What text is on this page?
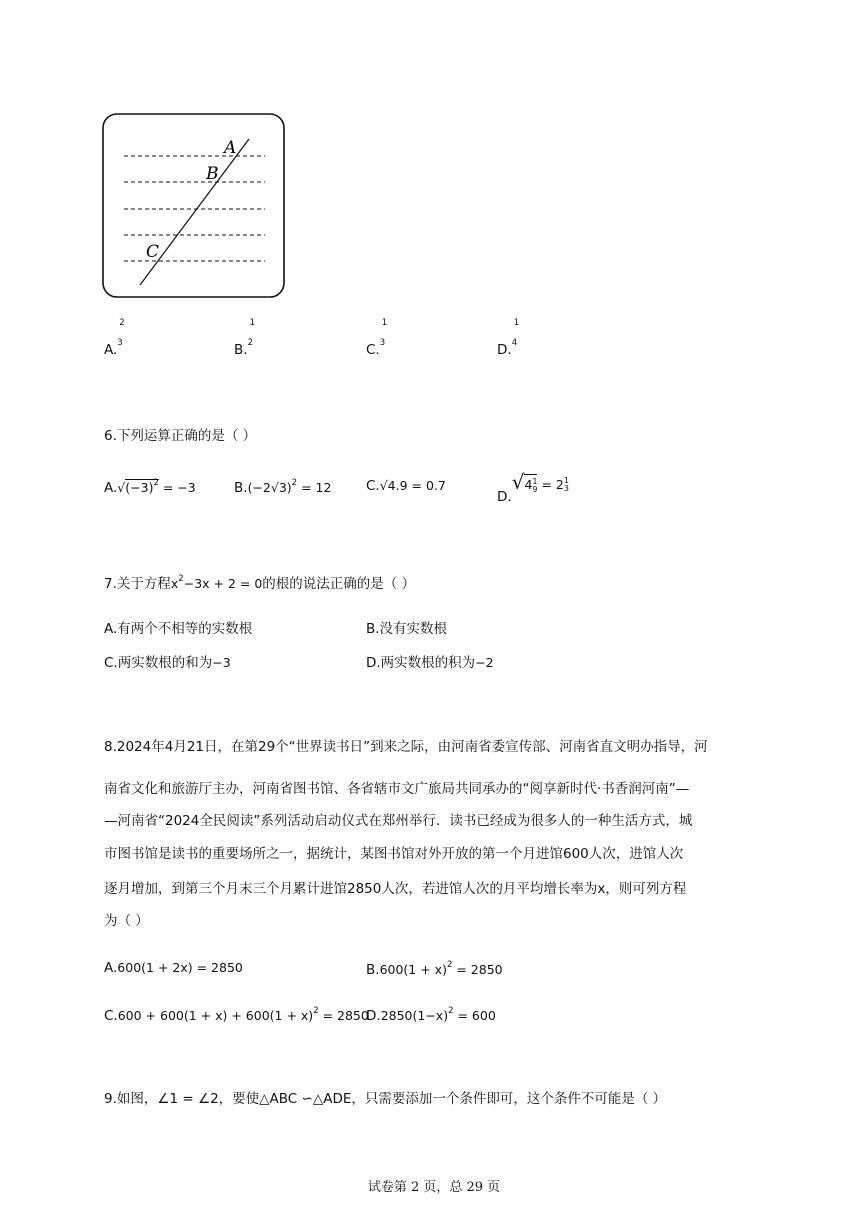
A
B
C
A.
2
3	B.
1
2	C.
1
3	D.
1
4
6.下列运算正确的是（ ）
$A.√(-3)^2 = -3$	$B.(-2√3)^2 = 12$	C.√4.9 = 0.7
D.√41
9 = 21
3
7.关于方程$x^2-3x + 2 = 0$的根的说法正确的是（ ）
A.有两个不相等的实数根	B.没有实数根
C.两实数根的和为−3	D.两实数根的积为−2
8.2024年4月21日，在第29个“世界读书日”到来之际，由河南省委宣传部、河南省直文明办指导，河
南省文化和旅游厅主办，河南省图书馆、各省辖市文广旅局共同承办的“阅享新时代·书香润河南”—
—河南省“2024全民阅读”系列活动启动仪式在郑州举行．读书已经成为很多人的一种生活方式，城
市图书馆是读书的重要场所之一，据统计，某图书馆对外开放的第一个月进馆600人次，进馆人次
逐月增加，到第三个月末三个月累计进馆2850人次，若进馆人次的月平均增长率为x，则可列方程
为（ ）
A.600(1 + 2x) = 2850	$B.600(1 + x)^2 = 2850$
$C.600 + 600(1 + x) + 600(1 + x)^2 = 2850$
$D.2850(1-x)^2 = 600$
9.如图，∠1 = ∠2，要使△ABC ∽△ADE，只需要添加一个条件即可，这个条件不可能是（ ）
试卷第 2 页，总 29 页
